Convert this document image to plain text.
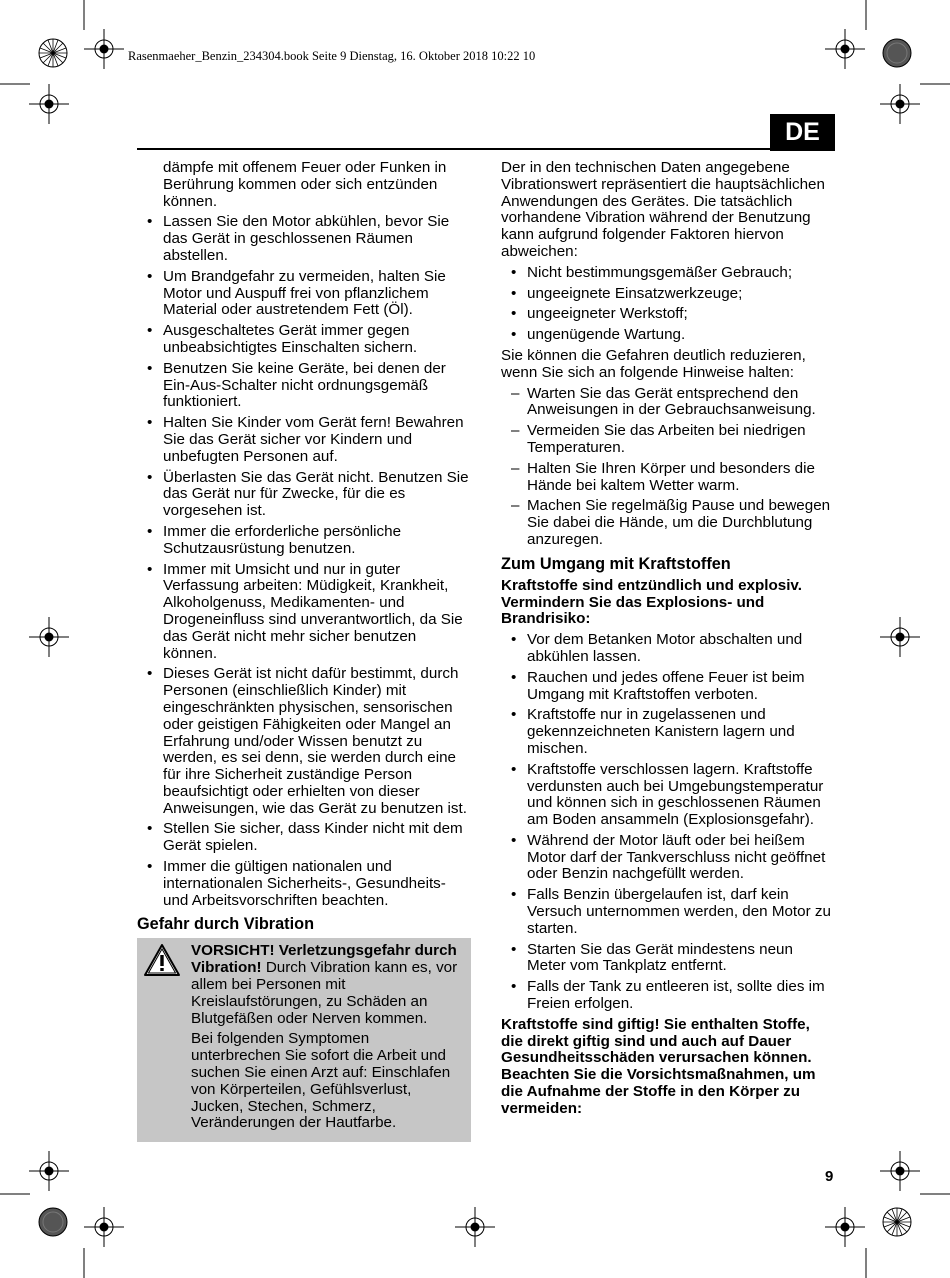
Rasenmaeher_Benzin_234304.book Seite 9 Dienstag, 16. Oktober 2018 10:22 10
DE

dämpfe mit offenem Feuer oder Funken in Berührung kommen oder sich entzünden können.

• Lassen Sie den Motor abkühlen, bevor Sie das Gerät in geschlossenen Räumen abstellen.
• Um Brandgefahr zu vermeiden, halten Sie Motor und Auspuff frei von pflanzlichem Material oder austretendem Fett (Öl).
• Ausgeschaltetes Gerät immer gegen unbeabsichtigtes Einschalten sichern.
• Benutzen Sie keine Geräte, bei denen der Ein-Aus-Schalter nicht ordnungsgemäß funktioniert.
• Halten Sie Kinder vom Gerät fern! Bewahren Sie das Gerät sicher vor Kindern und unbefugten Personen auf.
• Überlasten Sie das Gerät nicht. Benutzen Sie das Gerät nur für Zwecke, für die es vorgesehen ist.
• Immer die erforderliche persönliche Schutzausrüstung benutzen.
• Immer mit Umsicht und nur in guter Verfassung arbeiten: Müdigkeit, Krankheit, Alkoholgenuss, Medikamenten- und Drogeneinfluss sind unverantwortlich, da Sie das Gerät nicht mehr sicher benutzen können.
• Dieses Gerät ist nicht dafür bestimmt, durch Personen (einschließlich Kinder) mit eingeschränkten physischen, sensorischen oder geistigen Fähigkeiten oder Mangel an Erfahrung und/oder Wissen benutzt zu werden, es sei denn, sie werden durch eine für ihre Sicherheit zuständige Person beaufsichtigt oder erhielten von dieser Anweisungen, wie das Gerät zu benutzen ist.
• Stellen Sie sicher, dass Kinder nicht mit dem Gerät spielen.
• Immer die gültigen nationalen und internationalen Sicherheits-, Gesundheits- und Arbeitsvorschriften beachten.
Gefahr durch Vibration

VORSICHT! Verletzungsgefahr durch Vibration! Durch Vibration kann es, vor allem bei Personen mit Kreislaufstörungen, zu Schäden an Blutgefäßen oder Nerven kommen.

Bei folgenden Symptomen unterbrechen Sie sofort die Arbeit und suchen Sie einen Arzt auf: Einschlafen von Körperteilen, Gefühlsverlust, Jucken, Stechen, Schmerz, Veränderungen der Hautfarbe.

Der in den technischen Daten angegebene Vibrationswert repräsentiert die hauptsächlichen Anwendungen des Gerätes. Die tatsächlich vorhandene Vibration während der Benutzung kann aufgrund folgender Faktoren hiervon abweichen:

• Nicht bestimmungsgemäßer Gebrauch;
• ungeeignete Einsatzwerkzeuge;
• ungeeigneter Werkstoff;
• ungenügende Wartung.

Sie können die Gefahren deutlich reduzieren, wenn Sie sich an folgende Hinweise halten:

– Warten Sie das Gerät entsprechend den Anweisungen in der Gebrauchsanweisung.
– Vermeiden Sie das Arbeiten bei niedrigen Temperaturen.
– Halten Sie Ihren Körper und besonders die Hände bei kaltem Wetter warm.
– Machen Sie regelmäßig Pause und bewegen Sie dabei die Hände, um die Durchblutung anzuregen.
Zum Umgang mit Kraftstoffen

Kraftstoffe sind entzündlich und explosiv. Vermindern Sie das Explosions- und Brandrisiko:

• Vor dem Betanken Motor abschalten und abkühlen lassen.
• Rauchen und jedes offene Feuer ist beim Umgang mit Kraftstoffen verboten.
• Kraftstoffe nur in zugelassenen und gekennzeichneten Kanistern lagern und mischen.
• Kraftstoffe verschlossen lagern. Kraftstoffe verdunsten auch bei Umgebungstemperatur und können sich in geschlossenen Räumen am Boden ansammeln (Explosionsgefahr).
• Während der Motor läuft oder bei heißem Motor darf der Tankverschluss nicht geöffnet oder Benzin nachgefüllt werden.
• Falls Benzin übergelaufen ist, darf kein Versuch unternommen werden, den Motor zu starten.
• Starten Sie das Gerät mindestens neun Meter vom Tankplatz entfernt.
• Falls der Tank zu entleeren ist, sollte dies im Freien erfolgen.

Kraftstoffe sind giftig! Sie enthalten Stoffe, die direkt giftig sind und auch auf Dauer Gesundheitsschäden verursachen können. Beachten Sie die Vorsichtsmaßnahmen, um die Aufnahme der Stoffe in den Körper zu vermeiden:

9
